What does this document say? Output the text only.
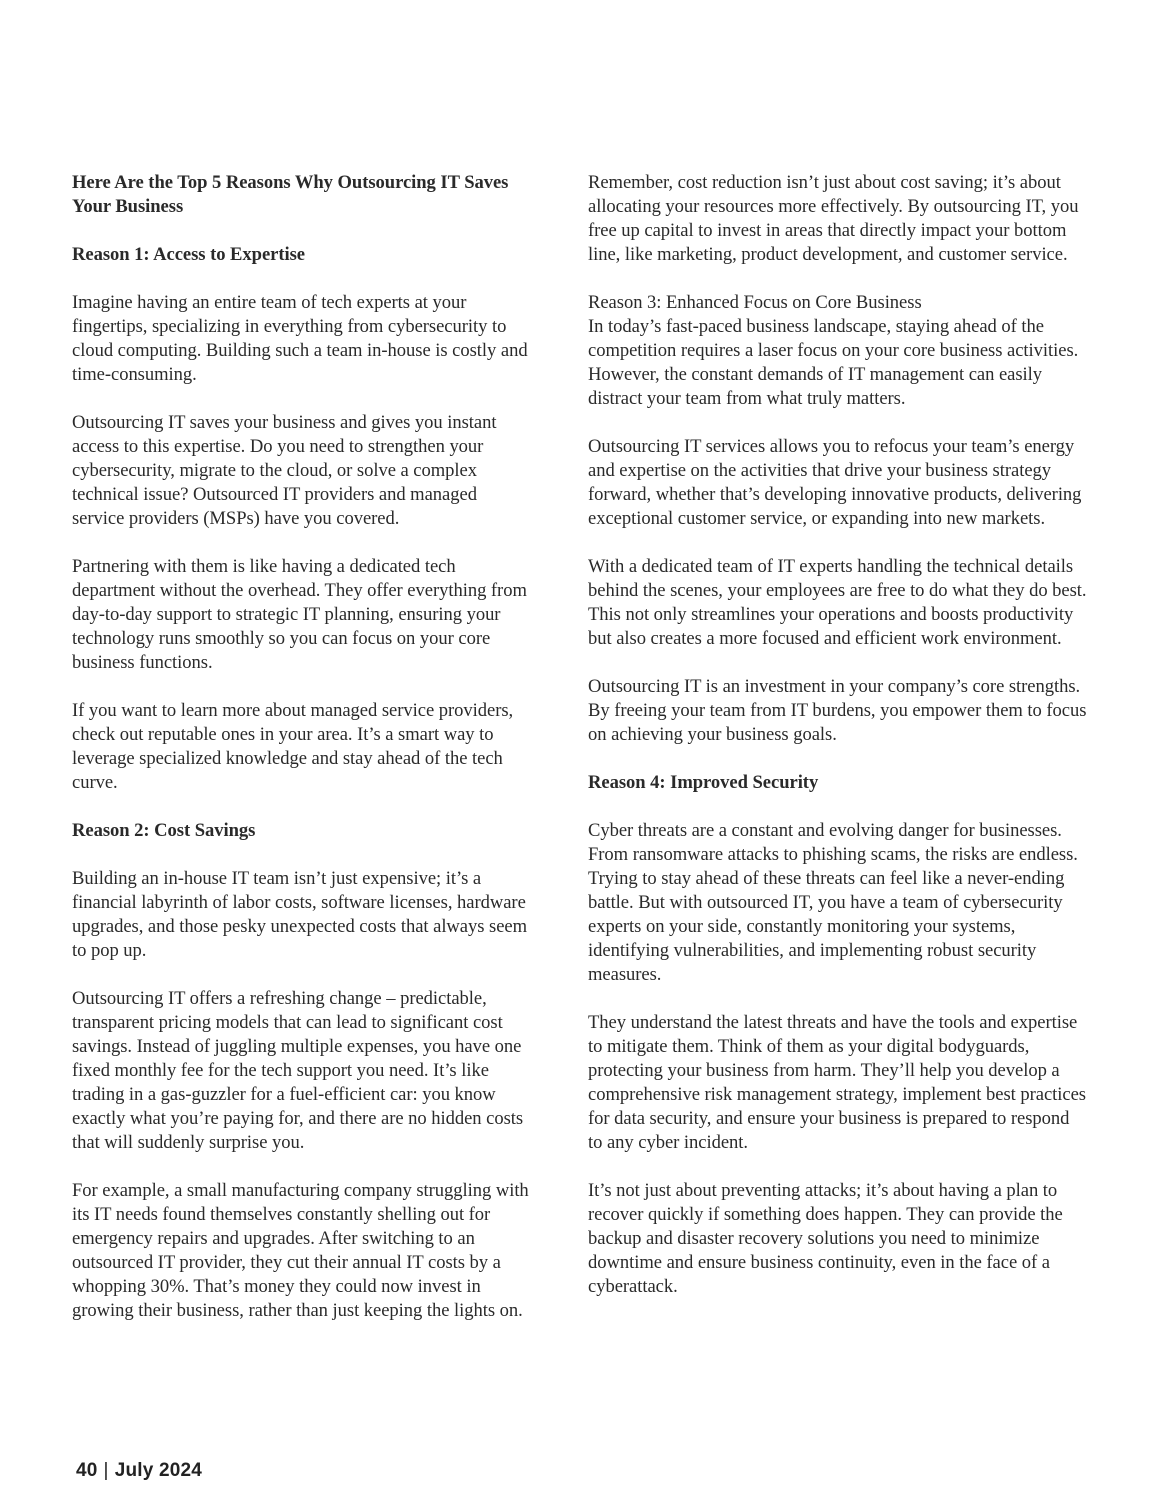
Here Are the Top 5 Reasons Why Outsourcing IT Saves Your Business
Reason 1: Access to Expertise

Imagine having an entire team of tech experts at your fingertips, specializing in everything from cybersecurity to cloud computing. Building such a team in-house is costly and time-consuming.

Outsourcing IT saves your business and gives you instant access to this expertise. Do you need to strengthen your cybersecurity, migrate to the cloud, or solve a complex technical issue? Outsourced IT providers and managed service providers (MSPs) have you covered.

Partnering with them is like having a dedicated tech department without the overhead. They offer everything from day-to-day support to strategic IT planning, ensuring your technology runs smoothly so you can focus on your core business functions.

If you want to learn more about managed service providers, check out reputable ones in your area. It’s a smart way to leverage specialized knowledge and stay ahead of the tech curve.

Reason 2: Cost Savings

Building an in-house IT team isn’t just expensive; it’s a financial labyrinth of labor costs, software licenses, hardware upgrades, and those pesky unexpected costs that always seem to pop up.

Outsourcing IT offers a refreshing change – predictable, transparent pricing models that can lead to significant cost savings. Instead of juggling multiple expenses, you have one fixed monthly fee for the tech support you need. It’s like trading in a gas-guzzler for a fuel-efficient car: you know exactly what you’re paying for, and there are no hidden costs that will suddenly surprise you.

For example, a small manufacturing company struggling with its IT needs found themselves constantly shelling out for emergency repairs and upgrades. After switching to an outsourced IT provider, they cut their annual IT costs by a whopping 30%. That’s money they could now invest in growing their business, rather than just keeping the lights on.

Remember, cost reduction isn’t just about cost saving; it’s about allocating your resources more effectively. By outsourcing IT, you free up capital to invest in areas that directly impact your bottom line, like marketing, product development, and customer service.

Reason 3: Enhanced Focus on Core Business

In today’s fast-paced business landscape, staying ahead of the competition requires a laser focus on your core business activities. However, the constant demands of IT management can easily distract your team from what truly matters.

Outsourcing IT services allows you to refocus your team’s energy and expertise on the activities that drive your business strategy forward, whether that’s developing innovative products, delivering exceptional customer service, or expanding into new markets.

With a dedicated team of IT experts handling the technical details behind the scenes, your employees are free to do what they do best. This not only streamlines your operations and boosts productivity but also creates a more focused and efficient work environment.

Outsourcing IT is an investment in your company’s core strengths. By freeing your team from IT burdens, you empower them to focus on achieving your business goals.

Reason 4: Improved Security

Cyber threats are a constant and evolving danger for businesses. From ransomware attacks to phishing scams, the risks are endless. Trying to stay ahead of these threats can feel like a never-ending battle. But with outsourced IT, you have a team of cybersecurity experts on your side, constantly monitoring your systems, identifying vulnerabilities, and implementing robust security measures.

They understand the latest threats and have the tools and expertise to mitigate them. Think of them as your digital bodyguards, protecting your business from harm. They’ll help you develop a comprehensive risk management strategy, implement best practices for data security, and ensure your business is prepared to respond to any cyber incident.

It’s not just about preventing attacks; it’s about having a plan to recover quickly if something does happen. They can provide the backup and disaster recovery solutions you need to minimize downtime and ensure business continuity, even in the face of a cyberattack.

40 | July 2024
